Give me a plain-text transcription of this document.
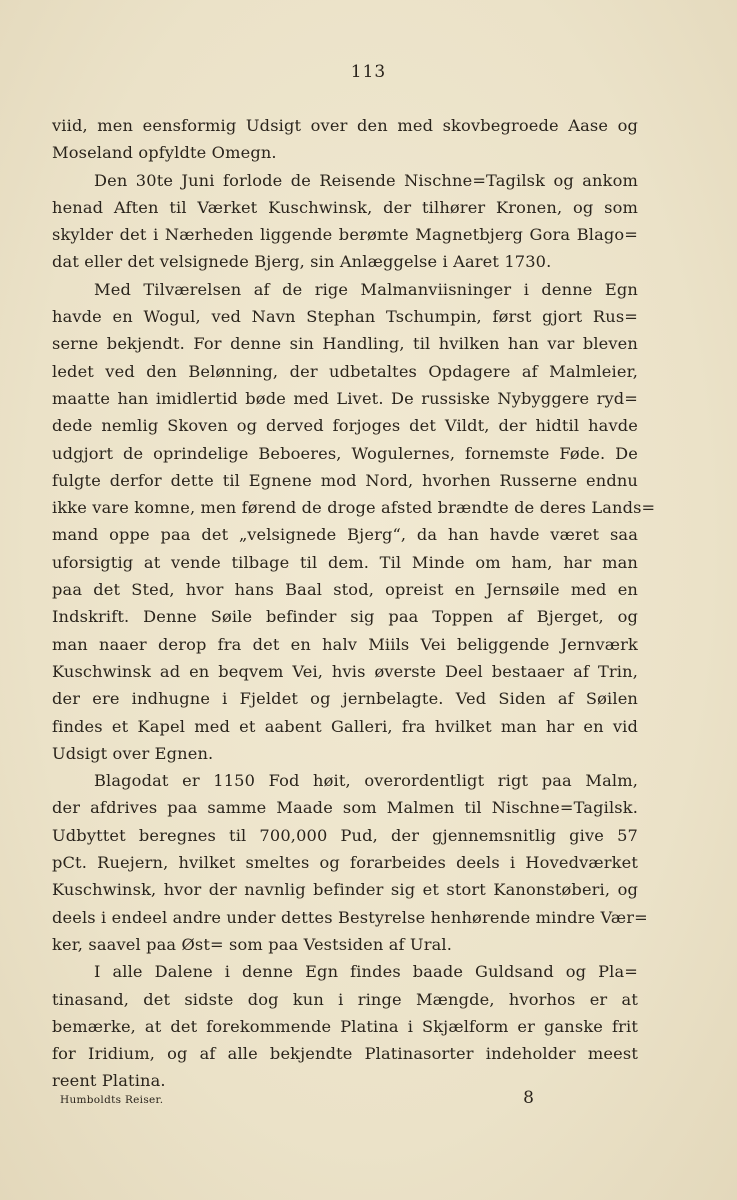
113
viid, men eensformig Udsigt over den med skovbegroede Aase og
Moseland opfyldte Omegn.
Den 30te Juni forlode de Reisende Nischne=Tagilsk og ankom
henad Aften til Værket Kuschwinsk, der tilhører Kronen, og som
skylder det i Nærheden liggende berømte Magnetbjerg Gora Blago=
dat eller det velsignede Bjerg, sin Anlæggelse i Aaret 1730.
Med Tilværelsen af de rige Malmanviisninger i denne Egn
havde en Wogul, ved Navn Stephan Tschumpin, først gjort Rus=
serne bekjendt. For denne sin Handling, til hvilken han var bleven
ledet ved den Belønning, der udbetaltes Opdagere af Malmleier,
maatte han imidlertid bøde med Livet. De russiske Nybyggere ryd=
dede nemlig Skoven og derved forjoges det Vildt, der hidtil havde
udgjort de oprindelige Beboeres, Wogulernes, fornemste Føde. De
fulgte derfor dette til Egnene mod Nord, hvorhen Russerne endnu
ikke vare komne, men førend de droge afsted brændte de deres Lands=
mand oppe paa det „velsignede Bjerg“, da han havde været saa
uforsigtig at vende tilbage til dem. Til Minde om ham, har man
paa det Sted, hvor hans Baal stod, opreist en Jernsøile med en
Indskrift. Denne Søile befinder sig paa Toppen af Bjerget, og
man naaer derop fra det en halv Miils Vei beliggende Jernværk
Kuschwinsk ad en beqvem Vei, hvis øverste Deel bestaaer af Trin,
der ere indhugne i Fjeldet og jernbelagte. Ved Siden af Søilen
findes et Kapel med et aabent Galleri, fra hvilket man har en vid
Udsigt over Egnen.
Blagodat er 1150 Fod høit, overordentligt rigt paa Malm,
der afdrives paa samme Maade som Malmen til Nischne=Tagilsk.
Udbyttet beregnes til 700,000 Pud, der gjennemsnitlig give 57
pCt. Ruejern, hvilket smeltes og forarbeides deels i Hovedværket
Kuschwinsk, hvor der navnlig befinder sig et stort Kanonstøberi, og
deels i endeel andre under dettes Bestyrelse henhørende mindre Vær=
ker, saavel paa Øst= som paa Vestsiden af Ural.
I alle Dalene i denne Egn findes baade Guldsand og Pla=
tinasand, det sidste dog kun i ringe Mængde, hvorhos er at
bemærke, at det forekommende Platina i Skjælform er ganske frit
for Iridium, og af alle bekjendte Platinasorter indeholder meest
reent Platina.
Humboldts Reiser.	8
